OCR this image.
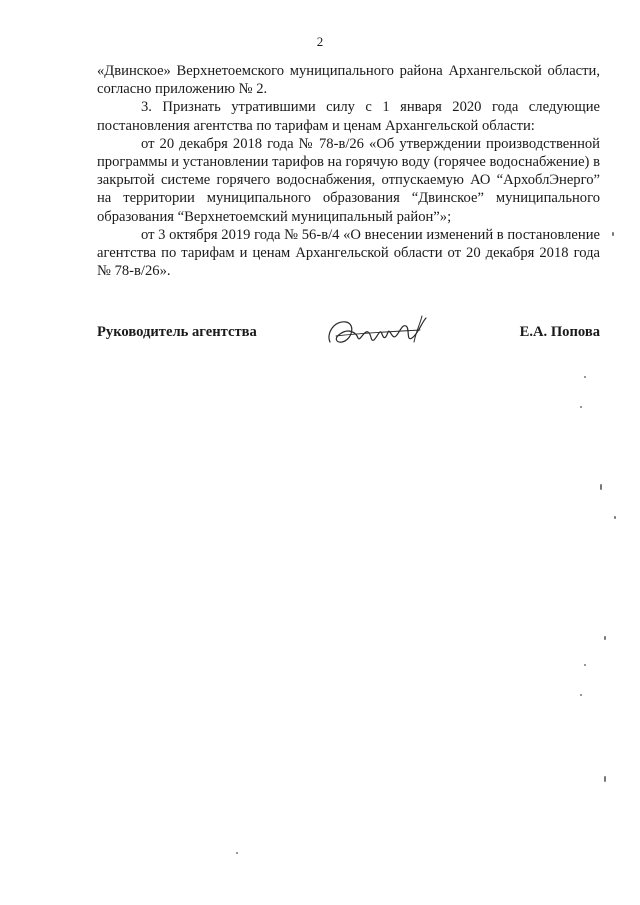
2

«Двинское» Верхнетоемского муниципального района Архангельской области, согласно приложению № 2.

3. Признать утратившими силу с 1 января 2020 года следующие постановления агентства по тарифам и ценам Архангельской области:

от 20 декабря 2018 года № 78-в/26 «Об утверждении производственной программы и установлении тарифов на горячую воду (горячее водоснабжение) в закрытой системе горячего водоснабжения, отпускаемую АО “АрхоблЭнерго” на территории муниципального образования “Двинское” муниципального образования “Верхнетоемский муниципальный район”»;

от 3 октября 2019 года № 56-в/4 «О внесении изменений в постановление агентства по тарифам и ценам Архангельской области от 20 декабря 2018 года № 78-в/26».

Руководитель агентства	Е.А. Попова
